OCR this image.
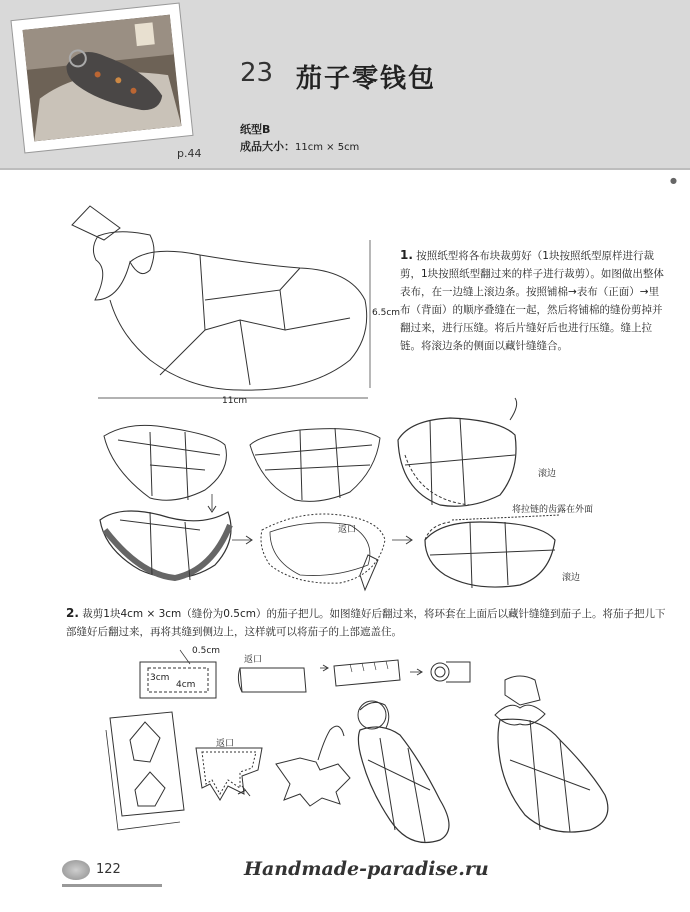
p.44
23 茄子零钱包
纸型B
成品大小：11cm × 5cm
●
6.5cm
11cm
1. 按照纸型将各布块裁剪好（1块按照纸型原样进行裁剪，1块按照纸型翻过来的样子进行裁剪）。如图做出整体表布，在一边缝上滚边条。按照铺棉→表布（正面）→里布（背面）的顺序叠缝在一起，然后将铺棉的缝份剪掉并翻过来，进行压缝。将后片缝好后也进行压缝。缝上拉链。将滚边条的侧面以藏针缝缝合。
滚边
将拉链的齿露在外面
返口
滚边
2. 裁剪1块4cm × 3cm（缝份为0.5cm）的茄子把儿。如图缝好后翻过来，将环套在上面后以藏针缝缝到茄子上。将茄子把儿下部缝好后翻过来，再将其缝到侧边上，这样就可以将茄子的上部遮盖住。
0.5cm
3cm
4cm
返口
返口
122	Handmade-paradise.ru
